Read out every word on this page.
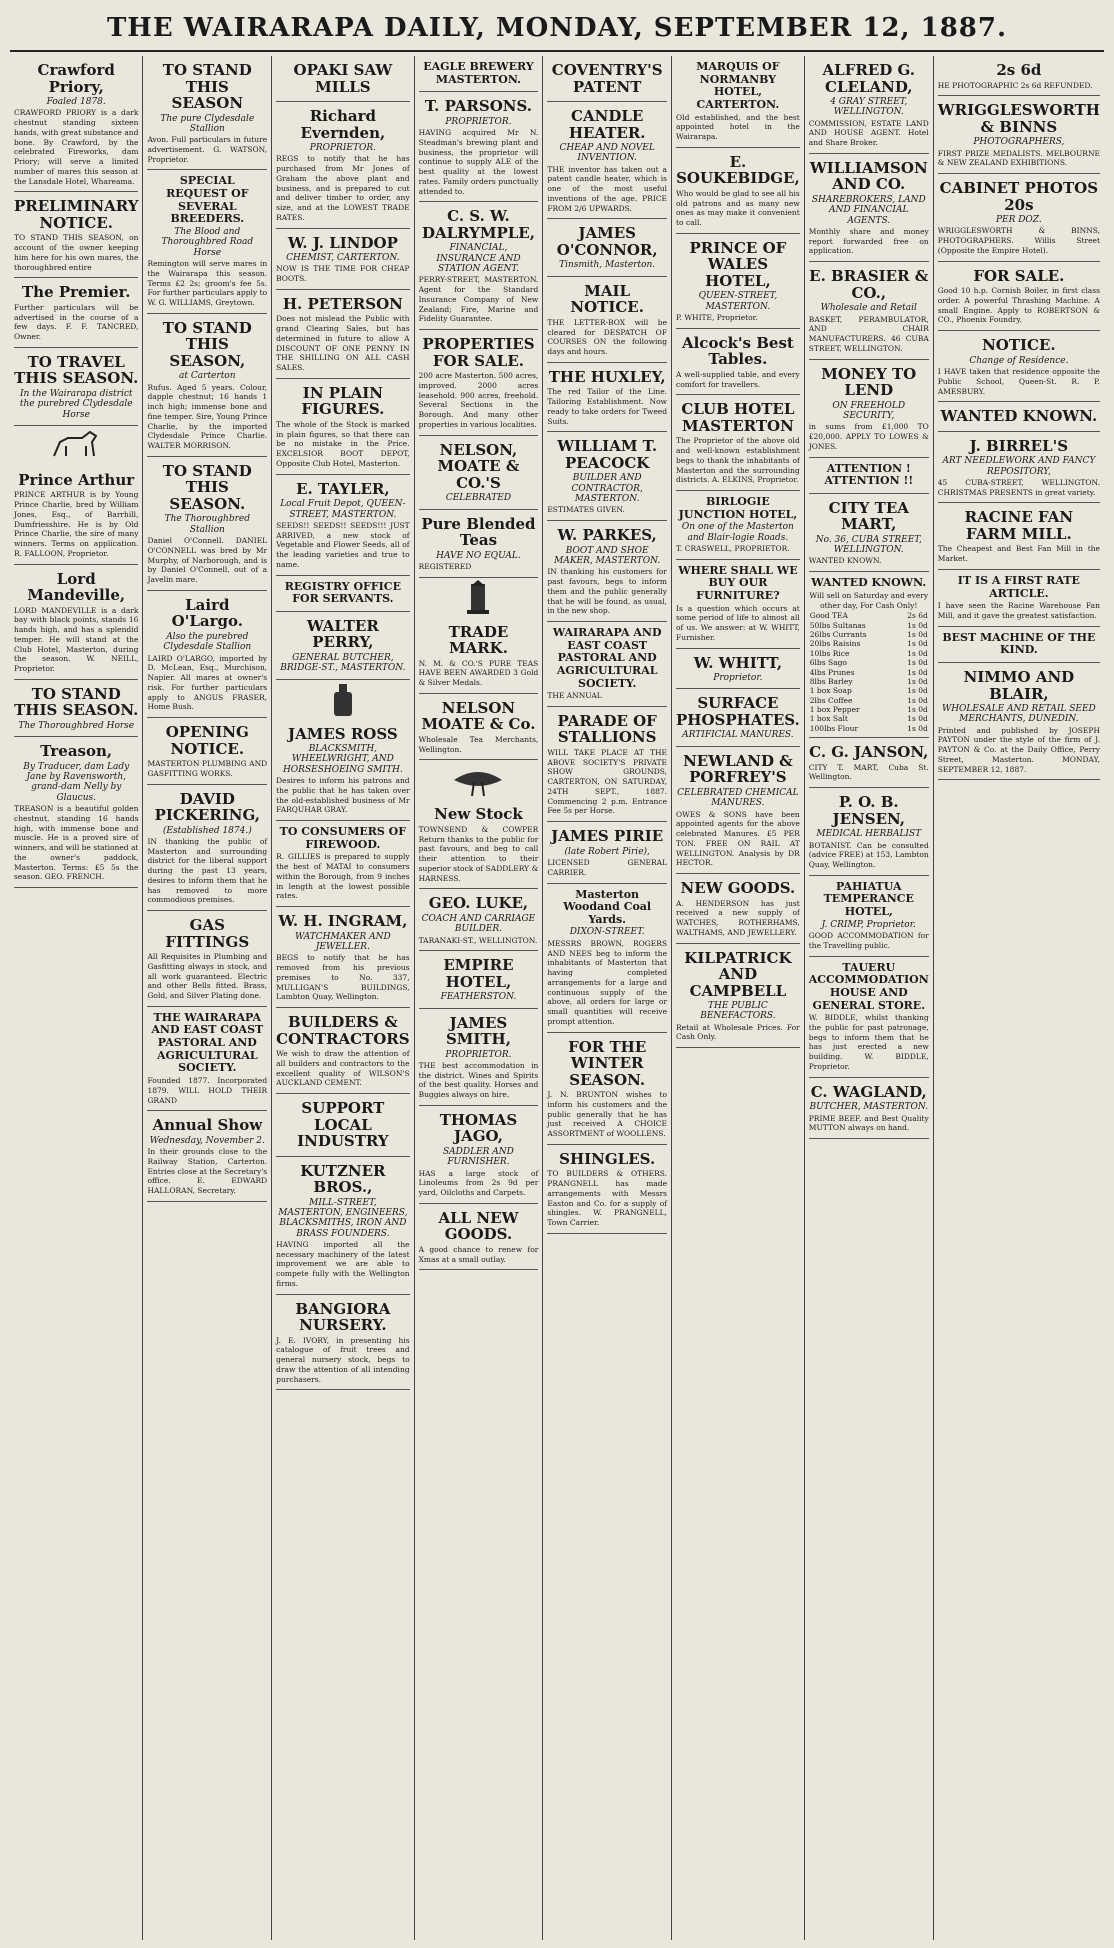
THE WAIRARAPA DAILY, MONDAY, SEPTEMBER 12, 1887.
Crawford Priory,
Foaled 1878.

CRAWFORD PRIORY is a dark chestnut standing sixteen hands, with great substance and bone. By Crawford, by the celebrated Fireworks, dam Priory; will serve a limited number of mares this season at the Lansdale Hotel, Whareama.

PRELIMINARY NOTICE.

TO STAND THIS SEASON, on account of the owner keeping him here for his own mares, the thoroughbred entire

The Premier.

Further particulars will be advertised in the course of a few days. F. F. TANCRED, Owner.

TO TRAVEL THIS SEASON.
In the Wairarapa district the purebred Clydesdale Horse
Prince Arthur

PRINCE ARTHUR is by Young Prince Charlie, bred by William Jones, Esq., of Barrhill, Dumfriesshire. He is by Old Prince Charlie, the sire of many winners. Terms on application. R. FALLOON, Proprietor.

Lord Mandeville,

LORD MANDEVILLE is a dark bay with black points, stands 16 hands high, and has a splendid temper. He will stand at the Club Hotel, Masterton, during the season. W. NEILL, Proprietor.

TO STAND THIS SEASON.
The Thoroughbred Horse
Treason,
By Traducer, dam Lady Jane by Ravensworth, grand-dam Nelly by Glaucus.

TREASON is a beautiful golden chestnut, standing 16 hands high, with immense bone and muscle. He is a proved sire of winners, and will be stationed at the owner's paddock, Masterton. Terms: £5 5s the season. GEO. FRENCH.

TO STAND THIS SEASON
The pure Clydesdale Stallion

Avon. Full particulars in future advertisement. G. WATSON, Proprietor.

SPECIAL REQUEST OF SEVERAL BREEDERS.
The Blood and Thoroughbred Road Horse

Remington will serve mares in the Wairarapa this season. Terms £2 2s; groom's fee 5s. For further particulars apply to W. G. WILLIAMS, Greytown.

TO STAND THIS SEASON,
at Carterton

Rufus. Aged 5 years. Colour, dapple chestnut; 16 hands 1 inch high; immense bone and fine temper. Sire, Young Prince Charlie, by the imported Clydesdale Prince Charlie. WALTER MORRISON.

TO STAND THIS SEASON.
The Thoroughbred Stallion

Daniel O'Connell. DANIEL O'CONNELL was bred by Mr Murphy, of Narborough, and is by Daniel O'Connell, out of a Javelin mare.

Laird O'Largo.
Also the purebred Clydesdale Stallion

LAIRD O'LARGO, imported by D. McLean, Esq., Murchison, Napier. All mares at owner's risk. For further particulars apply to ANGUS FRASER, Home Bush.

OPENING NOTICE.

MASTERTON PLUMBING AND GASFITTING WORKS.

DAVID PICKERING,
(Established 1874.)

IN thanking the public of Masterton and surrounding district for the liberal support during the past 13 years, desires to inform them that he has removed to more commodious premises.

GAS FITTINGS

All Requisites in Plumbing and Gasfitting always in stock, and all work guaranteed. Electric and other Bells fitted. Brass, Gold, and Silver Plating done.

THE WAIRARAPA AND EAST COAST PASTORAL AND AGRICULTURAL SOCIETY.

Founded 1877. Incorporated 1879. WILL HOLD THEIR GRAND

Annual Show
Wednesday, November 2.

In their grounds close to the Railway Station, Carterton. Entries close at the Secretary's office. E. EDWARD HALLORAN, Secretary.

OPAKI SAW MILLS
Richard Evernden,
PROPRIETOR.

REGS to notify that he has purchased from Mr Jones of Graham the above plant and business, and is prepared to cut and deliver timber to order, any size, and at the LOWEST TRADE RATES.

W. J. LINDOP
CHEMIST, CARTERTON.

NOW IS THE TIME FOR CHEAP BOOTS.

H. PETERSON

Does not mislead the Public with grand Clearing Sales, but has determined in future to allow A DISCOUNT OF ONE PENNY IN THE SHILLING ON ALL CASH SALES.

IN PLAIN FIGURES.

The whole of the Stock is marked in plain figures, so that there can be no mistake in the Price. EXCELSIOR BOOT DEPOT, Opposite Club Hotel, Masterton.

E. TAYLER,
Local Fruit Depot, QUEEN-STREET, MASTERTON.

SEEDS!! SEEDS!! SEEDS!!! JUST ARRIVED, a new stock of Vegetable and Flower Seeds, all of the leading varieties and true to name.

REGISTRY OFFICE FOR SERVANTS.
WALTER PERRY,
GENERAL BUTCHER, BRIDGE-ST., MASTERTON.
JAMES ROSS
BLACKSMITH, WHEELWRIGHT, AND HORSESHOEING SMITH.

Desires to inform his patrons and the public that he has taken over the old-established business of Mr FARQUHAR GRAY.

TO CONSUMERS OF FIREWOOD.

R. GILLIES is prepared to supply the best of MATAI to consumers within the Borough, from 9 inches in length at the lowest possible rates.

W. H. INGRAM,
WATCHMAKER AND JEWELLER.

BEGS to notify that he has removed from his previous premises to No. 337, MULLIGAN'S BUILDINGS, Lambton Quay, Wellington.

BUILDERS & CONTRACTORS

We wish to draw the attention of all builders and contractors to the excellent quality of WILSON'S AUCKLAND CEMENT.

SUPPORT LOCAL INDUSTRY
KUTZNER BROS.,
MILL-STREET, MASTERTON, ENGINEERS, BLACKSMITHS, IRON AND BRASS FOUNDERS.

HAVING imported all the necessary machinery of the latest improvement we are able to compete fully with the Wellington firms.

BANGIORA NURSERY.

J. E. IVORY, in presenting his catalogue of fruit trees and general nursery stock, begs to draw the attention of all intending purchasers.

EAGLE BREWERY MASTERTON.
T. PARSONS.
PROPRIETOR.

HAVING acquired Mr N. Steadman's brewing plant and business, the proprietor will continue to supply ALE of the best quality at the lowest rates. Family orders punctually attended to.

C. S. W. DALRYMPLE,
FINANCIAL, INSURANCE AND STATION AGENT.

PERRY-STREET, MASTERTON. Agent for the Standard Insurance Company of New Zealand; Fire, Marine and Fidelity Guarantee.

PROPERTIES FOR SALE.

200 acre Masterton. 500 acres, improved. 2000 acres leasehold. 900 acres, freehold. Several Sections in the Borough. And many other properties in various localities.

NELSON, MOATE & CO.'S
CELEBRATED
Pure Blended Teas
HAVE NO EQUAL.

REGISTERED

TRADE MARK.

N. M. & CO.'S PURE TEAS HAVE BEEN AWARDED 3 Gold & Silver Medals.

NELSON MOATE & Co.

Wholesale Tea Merchants, Wellington.

New Stock

TOWNSEND & COWPER Return thanks to the public for past favours, and beg to call their attention to their superior stock of SADDLERY & HARNESS.

GEO. LUKE,
COACH AND CARRIAGE BUILDER.

TARANAKI-ST., WELLINGTON.

EMPIRE HOTEL,
FEATHERSTON.
JAMES SMITH,
PROPRIETOR.

THE best accommodation in the district. Wines and Spirits of the best quality. Horses and Buggies always on hire.

THOMAS JAGO,
SADDLER AND FURNISHER.

HAS a large stock of Linoleums from 2s 9d per yard, Oilcloths and Carpets.

ALL NEW GOODS.

A good chance to renew for Xmas at a small outlay.

COVENTRY'S PATENT
CANDLE HEATER.
CHEAP AND NOVEL INVENTION.

THE inventor has taken out a patent candle heater, which is one of the most useful inventions of the age. PRICE FROM 2/6 UPWARDS.

JAMES O'CONNOR,
Tinsmith, Masterton.
MAIL NOTICE.

THE LETTER-BOX will be cleared for DESPATCH OF COURSES ON the following days and hours.

THE HUXLEY,

The red Tailor of the Line. Tailoring Establishment. Now ready to take orders for Tweed Suits.

WILLIAM T. PEACOCK
BUILDER AND CONTRACTOR, MASTERTON.

ESTIMATES GIVEN.

W. PARKES,
BOOT AND SHOE MAKER, MASTERTON.

IN thanking his customers for past favours, begs to inform them and the public generally that he will be found, as usual, in the new shop.

WAIRARAPA AND EAST COAST PASTORAL AND AGRICULTURAL SOCIETY.

THE ANNUAL

PARADE OF STALLIONS

WILL TAKE PLACE AT THE ABOVE SOCIETY'S PRIVATE SHOW GROUNDS, CARTERTON, ON SATURDAY, 24TH SEPT., 1887. Commencing 2 p.m. Entrance Fee 5s per Horse.

JAMES PIRIE
(late Robert Pirie),

LICENSED GENERAL CARRIER.

Masterton Woodand Coal Yards.
DIXON-STREET.

MESSRS BROWN, ROGERS AND NEES beg to inform the inhabitants of Masterton that having completed arrangements for a large and continuous supply of the above, all orders for large or small quantities will receive prompt attention.

FOR THE WINTER SEASON.

J. N. BRUNTON wishes to inform his customers and the public generally that he has just received A CHOICE ASSORTMENT of WOOLLENS.

SHINGLES.

TO BUILDERS & OTHERS. PRANGNELL has made arrangements with Messrs Easton and Co. for a supply of shingles. W. PRANGNELL, Town Carrier.

MARQUIS OF NORMANBY HOTEL, CARTERTON.

Old established, and the best appointed hotel in the Wairarapa.

E. SOUKEBIDGE,

Who would be glad to see all his old patrons and as many new ones as may make it convenient to call.

PRINCE OF WALES HOTEL,
QUEEN-STREET, MASTERTON.

P. WHITE, Proprietor.

Alcock's Best Tables.

A well-supplied table, and every comfort for travellers.

CLUB HOTEL MASTERTON

The Proprietor of the above old and well-known establishment begs to thank the inhabitants of Masterton and the surrounding districts. A. ELKINS, Proprietor.

BIRLOGIE JUNCTION HOTEL,
On one of the Masterton and Blair-logie Roads.

T. CRASWELL, PROPRIETOR.

WHERE SHALL WE BUY OUR FURNITURE?

Is a question which occurs at some period of life to almost all of us. We answer: at W. WHITT, Furnisher.

W. WHITT,
Proprietor.
SURFACE PHOSPHATES.
ARTIFICIAL MANURES.
NEWLAND & PORFREY'S
CELEBRATED CHEMICAL MANURES.

OWES & SONS have been appointed agents for the above celebrated Manures. £5 PER TON. FREE ON RAIL AT WELLINGTON. Analysis by DR HECTOR.

NEW GOODS.

A. HENDERSON has just received a new supply of WATCHES, ROTHERHAMS, WALTHAMS, AND JEWELLERY.

KILPATRICK AND CAMPBELL
THE PUBLIC BENEFACTORS.

Retail at Wholesale Prices. For Cash Only.

ALFRED G. CLELAND,
4 GRAY STREET, WELLINGTON.

COMMISSION, ESTATE LAND AND HOUSE AGENT. Hotel and Share Broker.

WILLIAMSON AND CO.
SHAREBROKERS, LAND AND FINANCIAL AGENTS.

Monthly share and money report forwarded free on application.

E. BRASIER & CO.,
Wholesale and Retail

BASKET, PERAMBULATOR, AND CHAIR MANUFACTURERS. 46 CUBA STREET, WELLINGTON.

MONEY TO LEND
ON FREEHOLD SECURITY,

in sums from £1,000 TO £20,000. APPLY TO LOWES & JONES.

ATTENTION ! ATTENTION !!
CITY TEA MART,
No. 36, CUBA STREET, WELLINGTON.

WANTED KNOWN.

WANTED KNOWN.

Will sell on Saturday and every other day, For Cash Only!

Good TEA	2s 6d
50lbs Sultanas	1s 0d
26lbs Currants	1s 0d
20lbs Raisins	1s 0d
10lbs Rice	1s 0d
6lbs Sago	1s 0d
4lbs Prunes	1s 0d
8lbs Barley	1s 0d
1 box Soap	1s 0d
2lbs Coffee	1s 0d
1 box Pepper	1s 0d
1 box Salt	1s 0d
100lbs Flour	1s 0d
C. G. JANSON,

CITY T. MART, Cuba St. Wellington.

P. O. B. JENSEN,
MEDICAL HERBALIST

BOTANIST. Can be consulted (advice FREE) at 153, Lambton Quay, Wellington.

PAHIATUA TEMPERANCE HOTEL,
J. CRIMP, Proprietor.

GOOD ACCOMMODATION for the Travelling public.

TAUERU ACCOMMODATION HOUSE AND GENERAL STORE.

W. BIDDLE, whilst thanking the public for past patronage, begs to inform them that he has just erected a new building. W. BIDDLE, Proprietor.

C. WAGLAND,
BUTCHER, MASTERTON.

PRIME BEEF, and Best Quality MUTTON always on hand.

2s 6d

HE PHOTOGRAPHIC 2s 6d REFUNDED.

WRIGGLESWORTH & BINNS
PHOTOGRAPHERS,

FIRST PRIZE MEDALISTS. MELBOURNE & NEW ZEALAND EXHIBITIONS.

CABINET PHOTOS 20s
PER DOZ.

WRIGGLESWORTH & BINNS, PHOTOGRAPHERS. Willis Street (Opposite the Empire Hotel).

FOR SALE.

Good 10 h.p. Cornish Boiler, in first class order. A powerful Thrashing Machine. A small Engine. Apply to ROBERTSON & CO., Phoenix Foundry.

NOTICE.
Change of Residence.

I HAVE taken that residence opposite the Public School, Queen-St. R. P. AMESBURY.

WANTED KNOWN.
J. BIRREL'S
ART NEEDLEWORK AND FANCY REPOSITORY,

45 CUBA-STREET, WELLINGTON. CHRISTMAS PRESENTS in great variety.

RACINE FAN FARM MILL.

The Cheapest and Best Fan Mill in the Market.

IT IS A FIRST RATE ARTICLE.

I have seen the Racine Warehouse Fan Mill, and it gave the greatest satisfaction.

BEST MACHINE OF THE KIND.
NIMMO AND BLAIR,
WHOLESALE AND RETAIL SEED MERCHANTS, DUNEDIN.

Printed and published by JOSEPH PAYTON under the style of the firm of J. PAYTON & Co. at the Daily Office, Perry Street, Masterton. MONDAY, SEPTEMBER 12, 1887.
